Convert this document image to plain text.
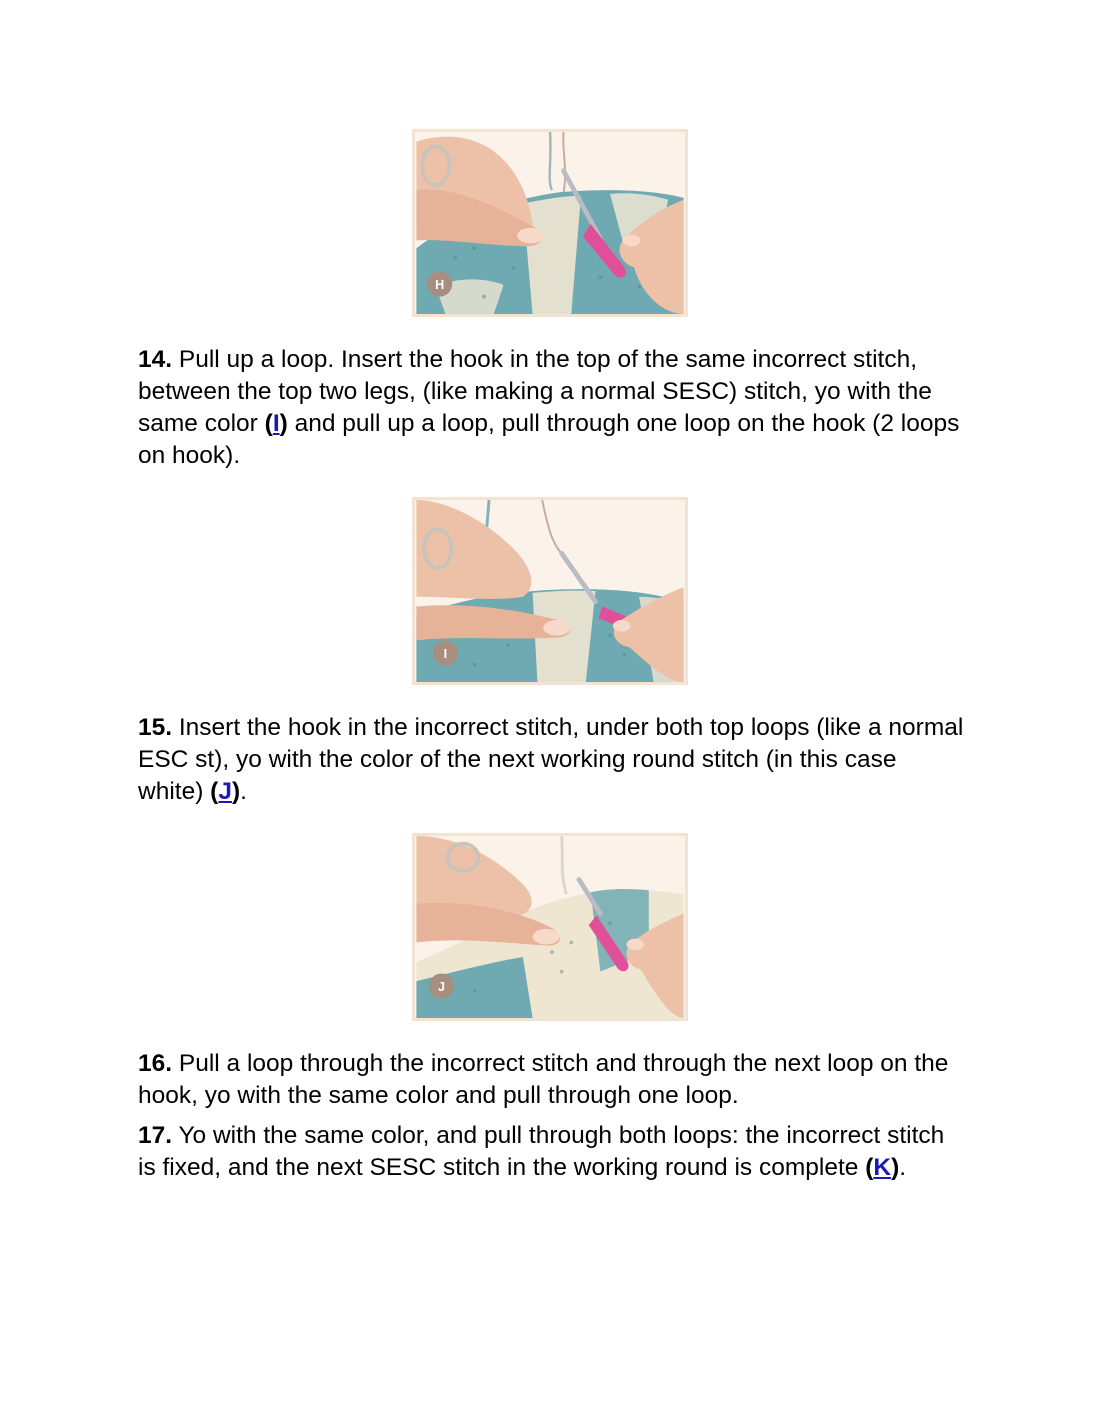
H

14. Pull up a loop. Insert the hook in the top of the same incorrect stitch, between the top two legs, (like making a normal SESC) stitch, yo with the same color (I) and pull up a loop, pull through one loop on the hook (2 loops on hook).

I

15. Insert the hook in the incorrect stitch, under both top loops (like a normal ESC st), yo with the color of the next working round stitch (in this case white) (J).

J

16. Pull a loop through the incorrect stitch and through the next loop on the hook, yo with the same color and pull through one loop.

17. Yo with the same color, and pull through both loops: the incorrect stitch is fixed, and the next SESC stitch in the working round is complete (K).
